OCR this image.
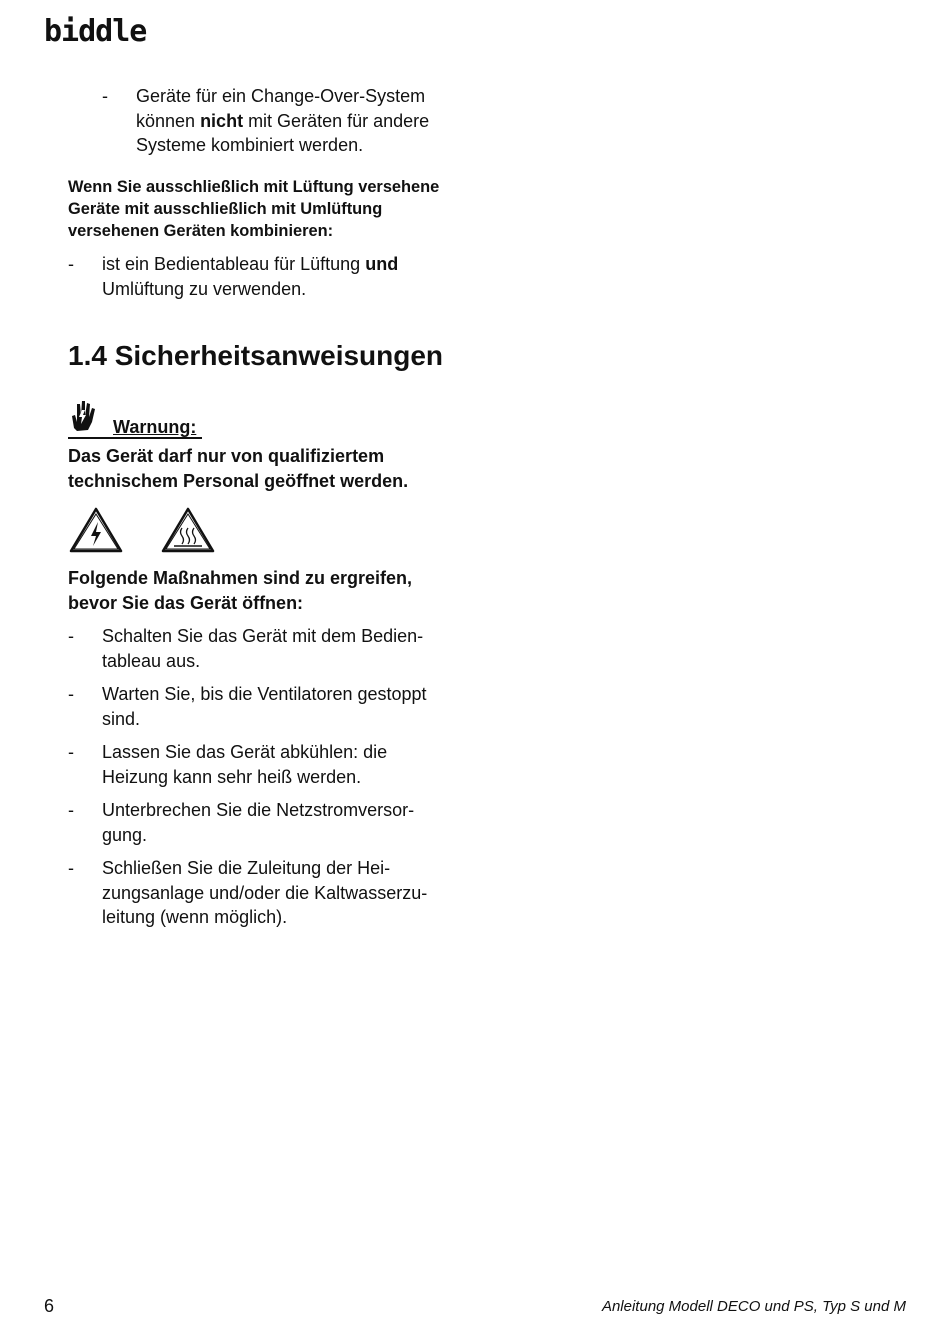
biddle
- Geräte für ein Change-Over-System können nicht mit Geräten für andere Systeme kombiniert werden.

Wenn Sie ausschließlich mit Lüftung versehene Geräte mit ausschließlich mit Umlüftung versehenen Geräten kombinieren:

- ist ein Bedientableau für Lüftung und Umlüftung zu verwenden.
1.4 Sicherheitsanweisungen
Warnung:

Das Gerät darf nur von qualifiziertem technischem Personal geöffnet werden.

Folgende Maßnahmen sind zu ergreifen, bevor Sie das Gerät öffnen:

- Schalten Sie das Gerät mit dem Bedien-tableau aus.
- Warten Sie, bis die Ventilatoren gestoppt sind.
- Lassen Sie das Gerät abkühlen: die Heizung kann sehr heiß werden.
- Unterbrechen Sie die Netzstromversor-gung.
- Schließen Sie die Zuleitung der Hei-zungsanlage und/oder die Kaltwasserzu-leitung (wenn möglich).
6	Anleitung Modell DECO und PS, Typ S und M
